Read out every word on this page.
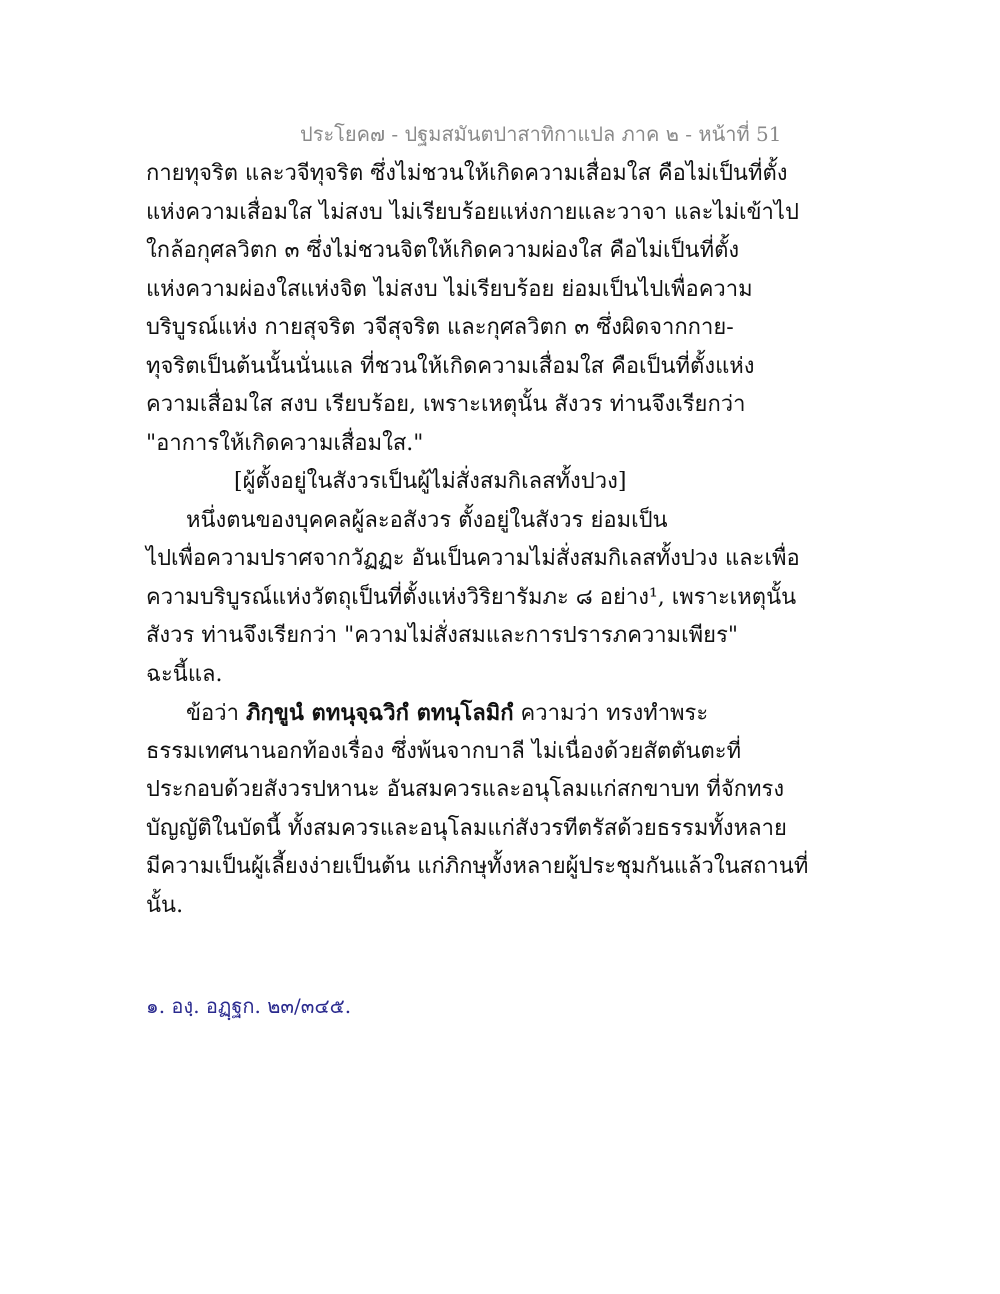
ประโยค๗ - ปฐมสมันตปาสาทิกาแปล ภาค ๒ - หน้าที่ 51
กายทุจริต และวจีทุจริต ซึ่งไม่ชวนให้เกิดความเสื่อมใส คือไม่เป็นที่ตั้ง
แห่งความเสื่อมใส ไม่สงบ ไม่เรียบร้อยแห่งกายและวาจา และไม่เข้าไป
ใกล้อกุศลวิตก ๓ ซึ่งไม่ชวนจิตให้เกิดความผ่องใส คือไม่เป็นที่ตั้ง
แห่งความผ่องใสแห่งจิต ไม่สงบ ไม่เรียบร้อย ย่อมเป็นไปเพื่อความ
บริบูรณ์แห่ง กายสุจริต วจีสุจริต และกุศลวิตก ๓ ซึ่งผิดจากกาย-
ทุจริตเป็นต้นนั้นนั่นแล ที่ชวนให้เกิดความเสื่อมใส คือเป็นที่ตั้งแห่ง
ความเสื่อมใส สงบ เรียบร้อย, เพราะเหตุนั้น สังวร ท่านจึงเรียกว่า
"อาการให้เกิดความเสื่อมใส."
[ผู้ตั้งอยู่ในสังวรเป็นผู้ไม่สั่งสมกิเลสทั้งปวง]
หนึ่งตนของบุคคลผู้ละอสังวร ตั้งอยู่ในสังวร ย่อมเป็น
ไปเพื่อความปราศจากวัฏฏะ อันเป็นความไม่สั่งสมกิเลสทั้งปวง และเพื่อ
ความบริบูรณ์แห่งวัตถุเป็นที่ตั้งแห่งวิริยารัมภะ ๘ อย่าง¹, เพราะเหตุนั้น
สังวร ท่านจึงเรียกว่า "ความไม่สั่งสมและการปรารภความเพียร"
ฉะนี้แล.
ข้อว่า ภิกฺขูนํ ตทนุจฺฉวิกํ ตทนุโลมิกํ ความว่า ทรงทำพระ
ธรรมเทศนานอกท้องเรื่อง ซึ่งพ้นจากบาลี ไม่เนื่องด้วยสัตตันตะที่
ประกอบด้วยสังวรปหานะ อันสมควรและอนุโลมแก่สกขาบท ที่จักทรง
บัญญัติในบัดนี้ ทั้งสมควรและอนุโลมแก่สังวรทีตรัสด้วยธรรมทั้งหลาย
มีความเป็นผู้เลี้ยงง่ายเป็นต้น แก่ภิกษุทั้งหลายผู้ประชุมกันแล้วในสถานที่
นั้น.
๑. องฺ. อฏฺฐก. ๒๓/๓๔๕.
